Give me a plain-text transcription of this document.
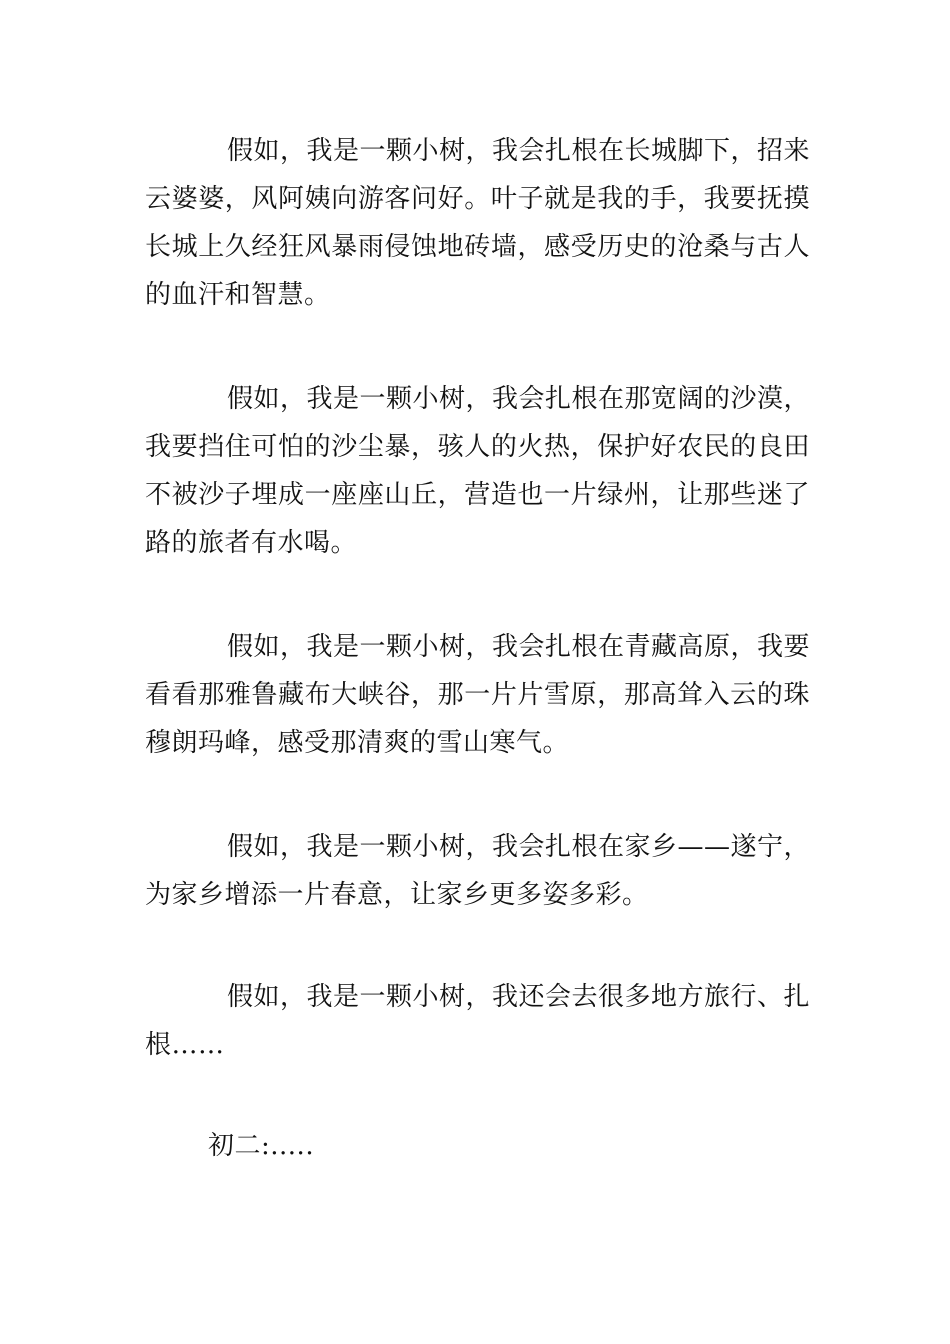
假如，我是一颗小树，我会扎根在长城脚下，招来云婆婆，风阿姨向游客问好。叶子就是我的手，我要抚摸长城上久经狂风暴雨侵蚀地砖墙，感受历史的沧桑与古人的血汗和智慧。

假如，我是一颗小树，我会扎根在那宽阔的沙漠，我要挡住可怕的沙尘暴，骇人的火热，保护好农民的良田不被沙子埋成一座座山丘，营造也一片绿州，让那些迷了路的旅者有水喝。

假如，我是一颗小树，我会扎根在青藏高原，我要看看那雅鲁藏布大峡谷，那一片片雪原，那高耸入云的珠穆朗玛峰，感受那清爽的雪山寒气。

假如，我是一颗小树，我会扎根在家乡——遂宁，为家乡增添一片春意，让家乡更多姿多彩。

假如，我是一颗小树，我还会去很多地方旅行、扎根……

初二:.....
